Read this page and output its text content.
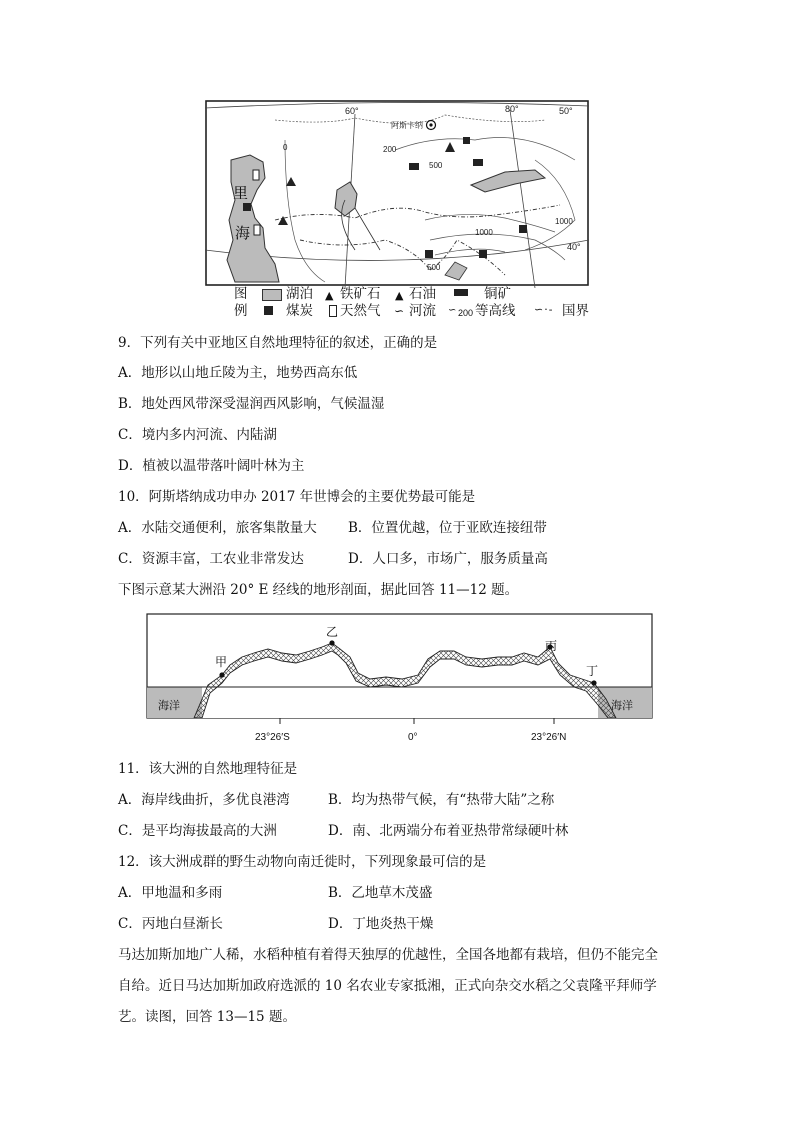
60°	80°	50°
40°
阿斯卡纳
200
500
0
1000
1000
500
里
海
图
例
湖泊 ▲ 铁矿石 ▲ 石油	铜矿
煤炭 天然气 ∽ 河流 ∽ 200 等高线 ∽·- 国界
9．下列有关中亚地区自然地理特征的叙述，正确的是
A．地形以山地丘陵为主，地势西高东低
B．地处西风带深受湿润西风影响，气候温湿
C．境内多内河流、内陆湖
D．植被以温带落叶阔叶林为主
10．阿斯塔纳成功申办 2017 年世博会的主要优势最可能是
A．水陆交通便利，旅客集散量大 B．位置优越，位于亚欧连接纽带
C．资源丰富，工农业非常发达	D．人口多，市场广，服务质量高
下图示意某大洲沿 20° E 经线的地形剖面，据此回答 11—12 题。
甲
乙
丙
丁
海洋	海洋
23°26′S	0°	23°26′N
11．该大洲的自然地理特征是
A．海岸线曲折，多优良港湾	B．均为热带气候，有“热带大陆”之称
C．是平均海拔最高的大洲	D．南、北两端分布着亚热带常绿硬叶林
12．该大洲成群的野生动物向南迁徙时，下列现象最可信的是
A．甲地温和多雨	B．乙地草木茂盛
C．丙地白昼渐长	D．丁地炎热干燥
马达加斯加地广人稀，水稻种植有着得天独厚的优越性，全国各地都有栽培，但仍不能完全
自给。近日马达加斯加政府选派的 10 名农业专家抵湘，正式向杂交水稻之父袁隆平拜师学
艺。读图，回答 13—15 题。
